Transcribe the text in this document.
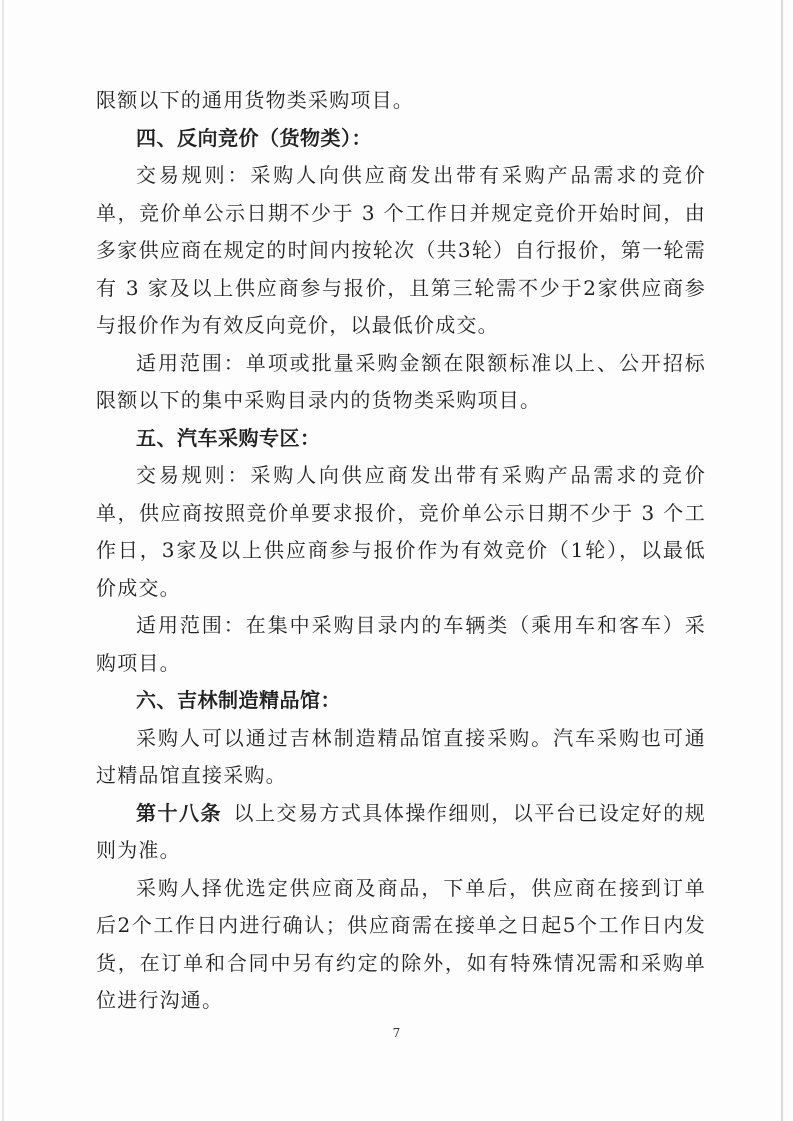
限额以下的通用货物类采购项目。

四、反向竞价（货物类）：

交易规则：采购人向供应商发出带有采购产品需求的竞价单，竞价单公示日期不少于 3 个工作日并规定竞价开始时间，由多家供应商在规定的时间内按轮次（共3轮）自行报价，第一轮需有 3 家及以上供应商参与报价，且第三轮需不少于2家供应商参与报价作为有效反向竞价，以最低价成交。

适用范围：单项或批量采购金额在限额标准以上、公开招标限额以下的集中采购目录内的货物类采购项目。

五、汽车采购专区：

交易规则：采购人向供应商发出带有采购产品需求的竞价单，供应商按照竞价单要求报价，竞价单公示日期不少于 3 个工作日，3家及以上供应商参与报价作为有效竞价（1轮），以最低价成交。

适用范围：在集中采购目录内的车辆类（乘用车和客车）采购项目。

六、吉林制造精品馆：

采购人可以通过吉林制造精品馆直接采购。汽车采购也可通过精品馆直接采购。

第十八条  以上交易方式具体操作细则，以平台已设定好的规则为准。

采购人择优选定供应商及商品，下单后，供应商在接到订单后2个工作日内进行确认；供应商需在接单之日起5个工作日内发货，在订单和合同中另有约定的除外，如有特殊情况需和采购单位进行沟通。

7
